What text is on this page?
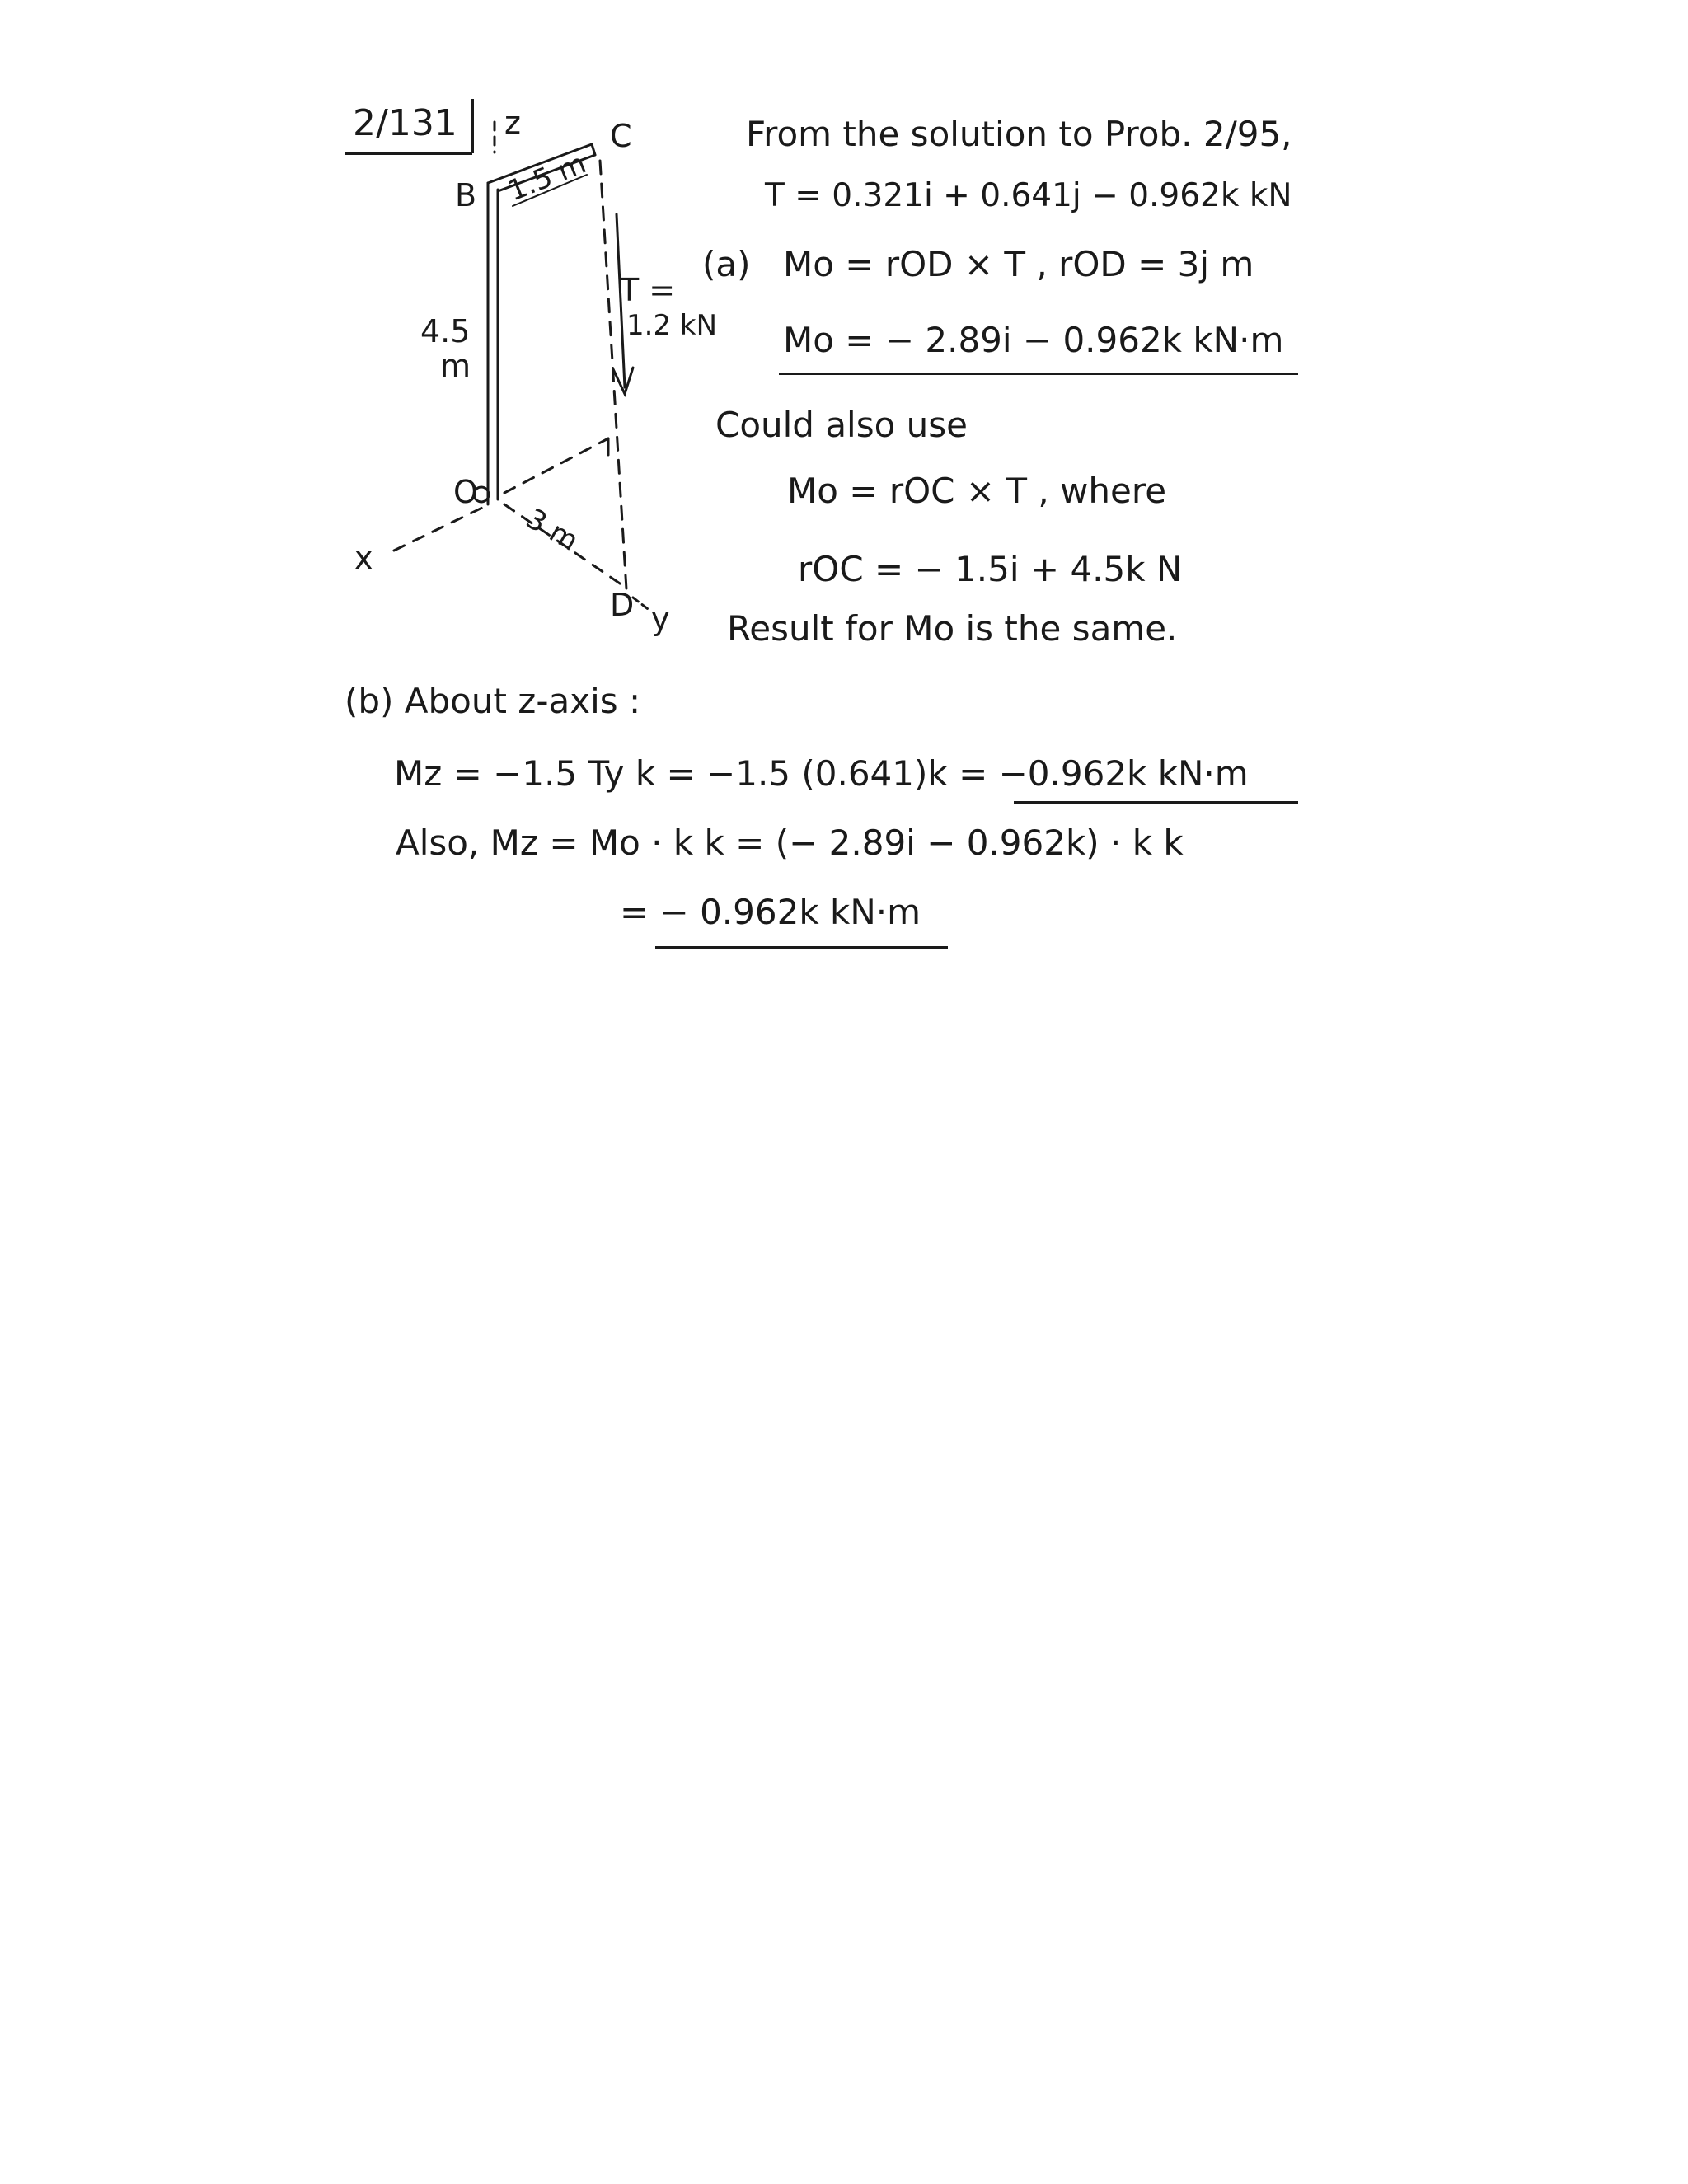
2/131 z	C
B 1.5 m
4.5
m
T =
1.2 kN
O
3 m
x
D y
From the solution to Prob. 2/95,
T = 0.321i + 0.641j − 0.962k kN
(a) Mo = rOD × T , rOD = 3j m
Mo = − 2.89i − 0.962k kN·m
Could also use
Mo = rOC × T , where
rOC = − 1.5i + 4.5k N
Result for Mo is the same.
(b) About z-axis :
Mz = −1.5 Ty k = −1.5 (0.641)k = −0.962k kN·m
Also, Mz = Mo · k k = (− 2.89i − 0.962k) · k k
= − 0.962k kN·m
